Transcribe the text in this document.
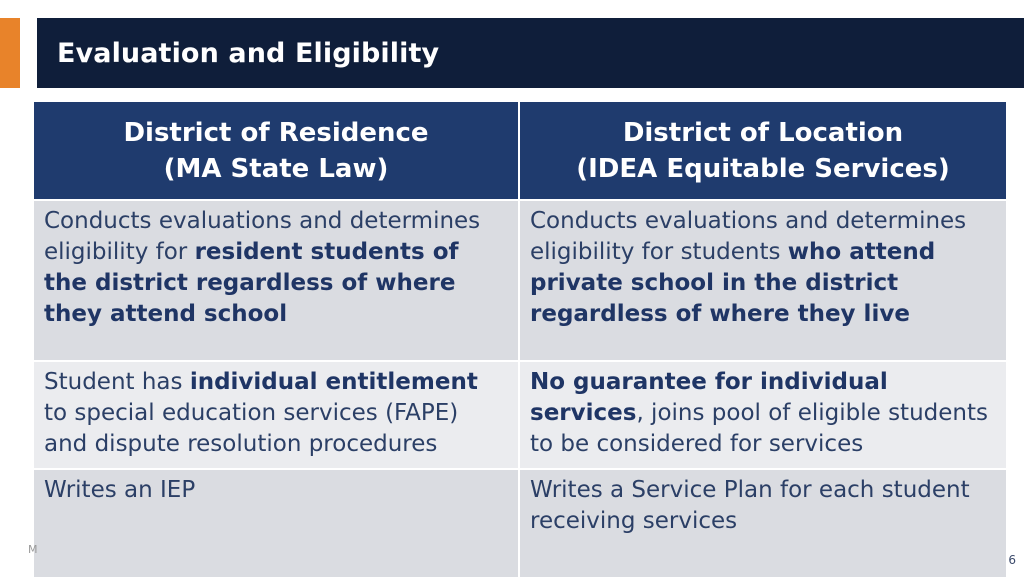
Evaluation and Eligibility
District of Residence
(MA State Law)
District of Location
(IDEA Equitable Services)
Conducts evaluations and determines eligibility for resident students of the district regardless of where they attend school
Conducts evaluations and determines eligibility for students who attend private school in the district regardless of where they live
Student has individual entitlement to special education services (FAPE) and dispute resolution procedures
No guarantee for individual services, joins pool of eligible students to be considered for services
Writes an IEP	Writes a Service Plan for each student receiving services
M
6
